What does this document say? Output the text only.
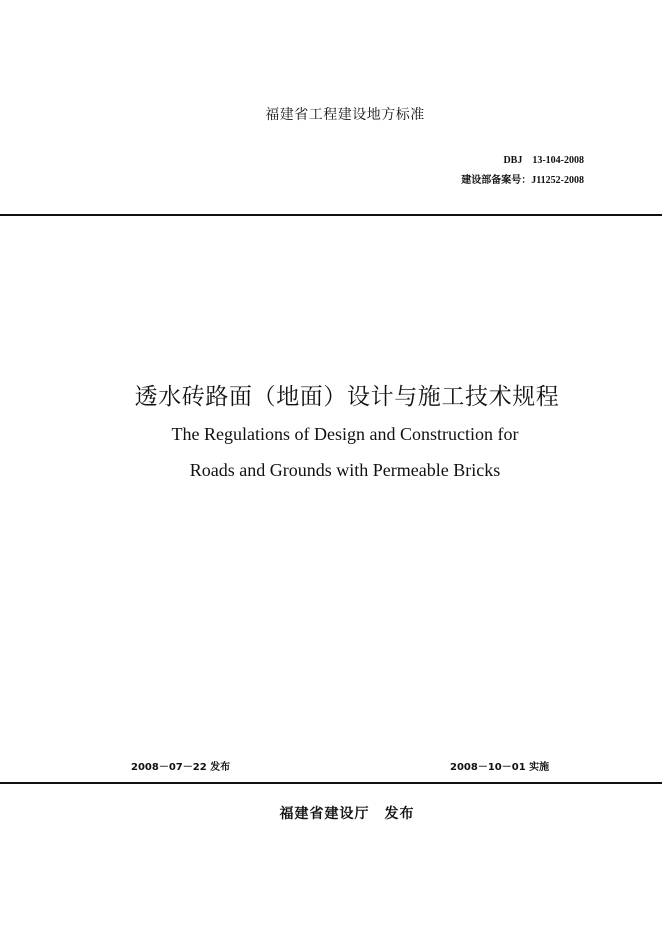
福建省工程建设地方标准
DBJ　13-104-2008
建设部备案号：J11252-2008
透水砖路面（地面）设计与施工技术规程
The Regulations of Design and Construction for
Roads and Grounds with Permeable Bricks
2008－07－22 发布	2008－10－01 实施
福建省建设厅　发布
